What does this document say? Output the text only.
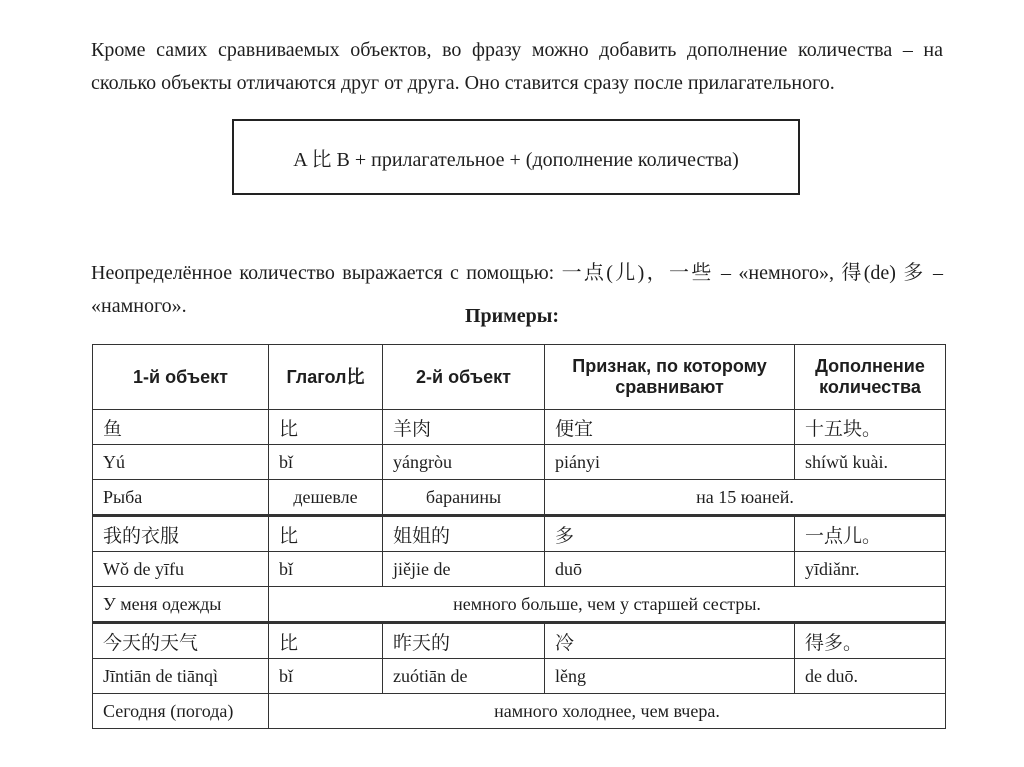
Кроме самих сравниваемых объектов, во фразу можно добавить дополнение количества – на сколько объекты отличаются друг от друга. Оно ставится сразу после прилагательного.

A 比 B + прилагательное + (дополнение количества)

Неопределённое количество выражается с помощью: 一点(儿)，一些 – «немного», 得(de) 多 – «намного».	Примеры:
1-й объект	Глагол比	2-й объект	Признак, по которому сравнивают	Дополнение количества
鱼	比	羊肉	便宜	十五块。
Yú	bǐ	yángròu	piányi	shíwǔ kuài.
Рыба	дешевле	баранины	на 15 юаней.	
我的衣服	比	姐姐的	多	一点儿。
Wǒ de yīfu	bǐ	jiějie de	duō	yīdiǎnr.
У меня одежды	немного больше, чем у старшей сестры.			
今天的天气	比	昨天的	冷	得多。
Jīntiān de tiānqì	bǐ	zuótiān de	lěng	de duō.
Сегодня (погода)	намного холоднее, чем вчера.			
